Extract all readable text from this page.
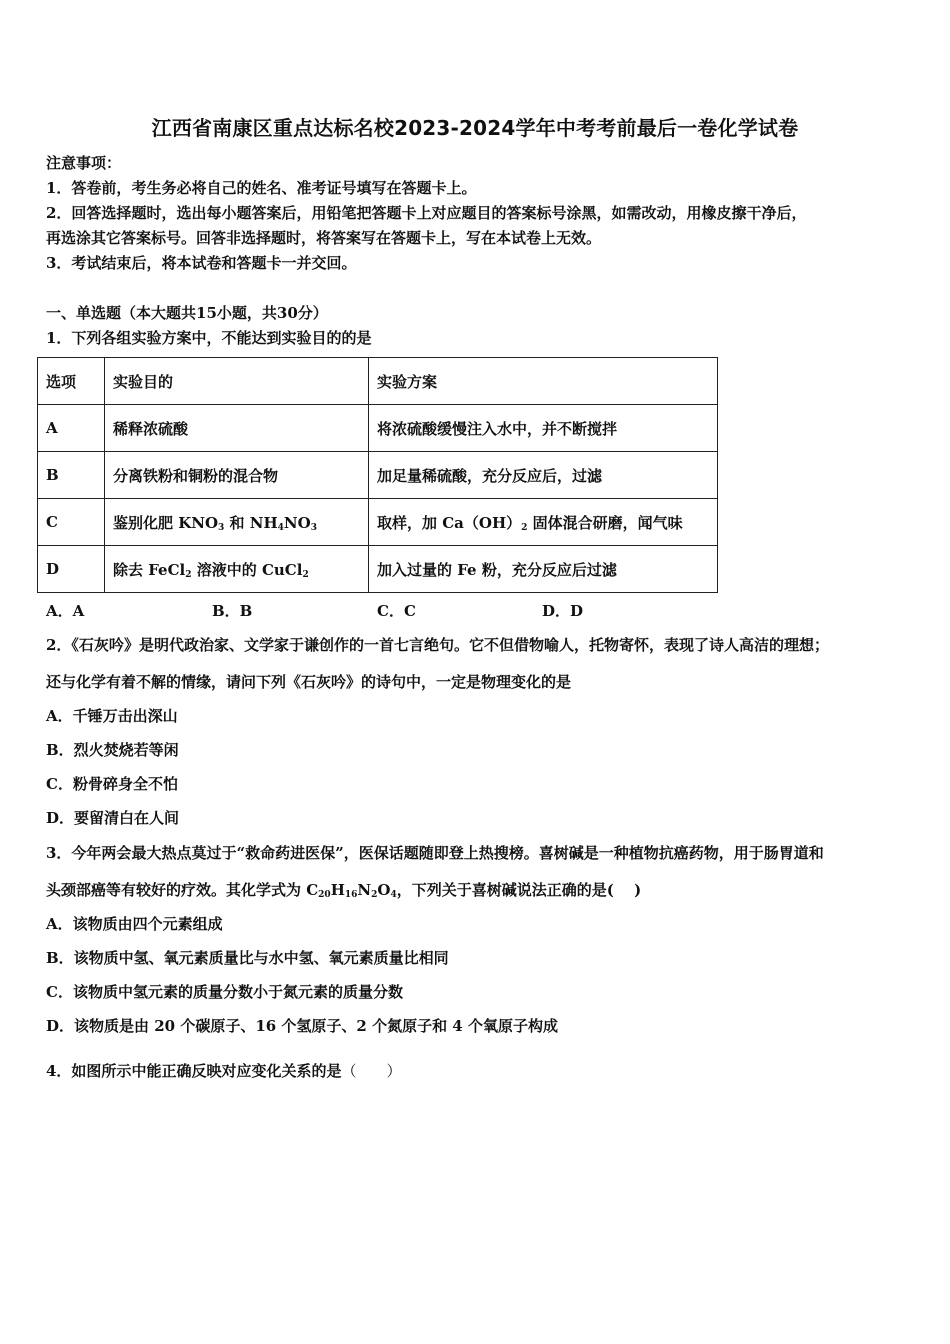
江西省南康区重点达标名校2023-2024学年中考考前最后一卷化学试卷
注意事项：
1．答卷前，考生务必将自己的姓名、准考证号填写在答题卡上。
2．回答选择题时，选出每小题答案后，用铅笔把答题卡上对应题目的答案标号涂黑，如需改动，用橡皮擦干净后，
再选涂其它答案标号。回答非选择题时，将答案写在答题卡上，写在本试卷上无效。
3．考试结束后，将本试卷和答题卡一并交回。
一、单选题（本大题共15小题，共30分）
1．下列各组实验方案中，不能达到实验目的的是
选项	实验目的	实验方案
A	稀释浓硫酸	将浓硫酸缓慢注入水中，并不断搅拌
B	分离铁粉和铜粉的混合物	加足量稀硫酸，充分反应后，过滤
C	鉴别化肥 $KNO_3$ 和 $NH_4NO_3$	取样，加 $Ca(OH)_2$ 固体混合研磨，闻气味
D	除去 FeCl$_2$ 溶液中的 CuCl$_2$	加入过量的 Fe 粉，充分反应后过滤
A．A	B．B	C．C	D．D
2．《石灰吟》是明代政治家、文学家于谦创作的一首七言绝句。它不但借物喻人，托物寄怀，表现了诗人高洁的理想；
还与化学有着不解的情缘，请问下列《石灰吟》的诗句中，一定是物理变化的是
A．千锤万击出深山
B．烈火焚烧若等闲
C．粉骨碎身全不怕
D．要留清白在人间
3．今年两会最大热点莫过于“救命药进医保”，医保话题随即登上热搜榜。喜树碱是一种植物抗癌药物，用于肠胃道和
头颈部癌等有较好的疗效。其化学式为 $C_{20}H_{16}N_2O_4$，下列关于喜树碱说法正确的是(　 )
A．该物质由四个元素组成
B．该物质中氢、氧元素质量比与水中氢、氧元素质量比相同
C．该物质中氢元素的质量分数小于氮元素的质量分数
D．该物质是由 20 个碳原子、16 个氢原子、2 个氮原子和 4 个氧原子构成
4．如图所示中能正确反映对应变化关系的是（　　）
